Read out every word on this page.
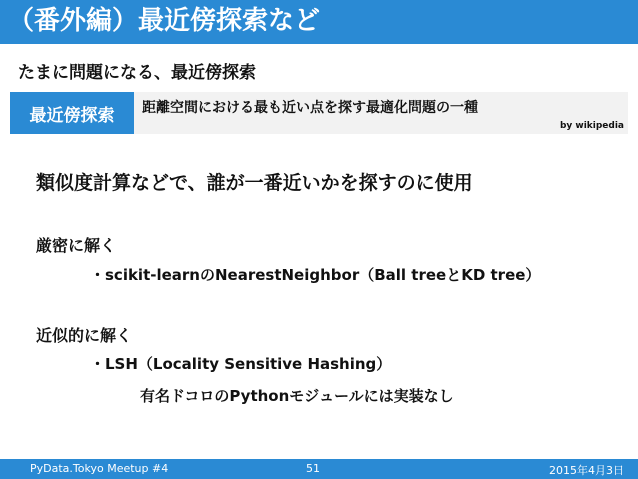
（番外編）最近傍探索など
たまに問題になる、最近傍探索
最近傍探索	距離空間における最も近い点を探す最適化問題の一種
by wikipedia
類似度計算などで、誰が一番近いかを探すのに使用
厳密に解く
・scikit-learnのNearestNeighbor（Ball treeとKD tree）
近似的に解く
・LSH（Locality Sensitive Hashing）
有名ドコロのPythonモジュールには実装なし
PyData.Tokyo Meetup #4	51	2015年4月3日
